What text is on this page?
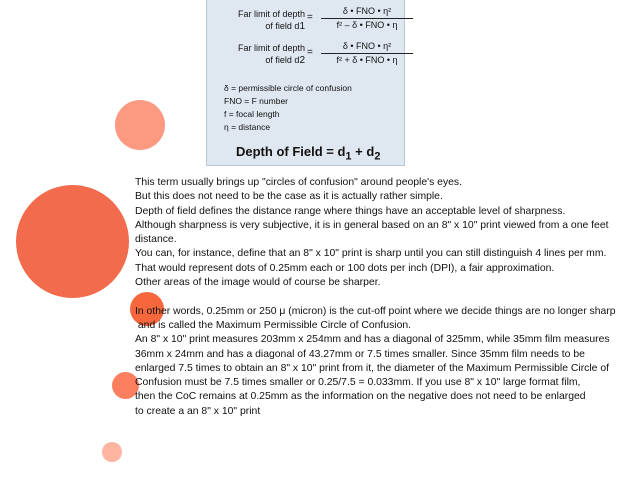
Far limit of depth
of field d1
=
δ • FNO • η²
f² – δ • FNO • η
Far limit of depth
of field d2
=
δ • FNO • η²
f² + δ • FNO • η
δ = permissible circle of confusion
FNO = F number
f = focal length
η = distance
Depth of Field = $d_1 + d_2$

This term usually brings up "circles of confusion" around people's eyes.

But this does not need to be the case as it is actually rather simple.

Depth of field defines the distance range where things have an acceptable level of sharpness.

Although sharpness is very subjective, it is in general based on an 8" x 10" print viewed from a one feet

distance.

You can, for instance, define that an 8" x 10" print is sharp until you can still distinguish 4 lines per mm.

That would represent dots of 0.25mm each or 100 dots per inch (DPI), a fair approximation.

Other areas of the image would of course be sharper.

In other words, 0.25mm or 250 μ (micron) is the cut-off point where we decide things are no longer sharp

and is called the Maximum Permissible Circle of Confusion.

An 8" x 10" print measures 203mm x 254mm and has a diagonal of 325mm, while 35mm film measures

36mm x 24mm and has a diagonal of 43.27mm or 7.5 times smaller. Since 35mm film needs to be

enlarged 7.5 times to obtain an 8" x 10" print from it, the diameter of the Maximum Permissible Circle of

Confusion must be 7.5 times smaller or 0.25/7.5 = 0.033mm. If you use 8" x 10" large format film,

then the CoC remains at 0.25mm as the information on the negative does not need to be enlarged

to create a an 8" x 10" print
